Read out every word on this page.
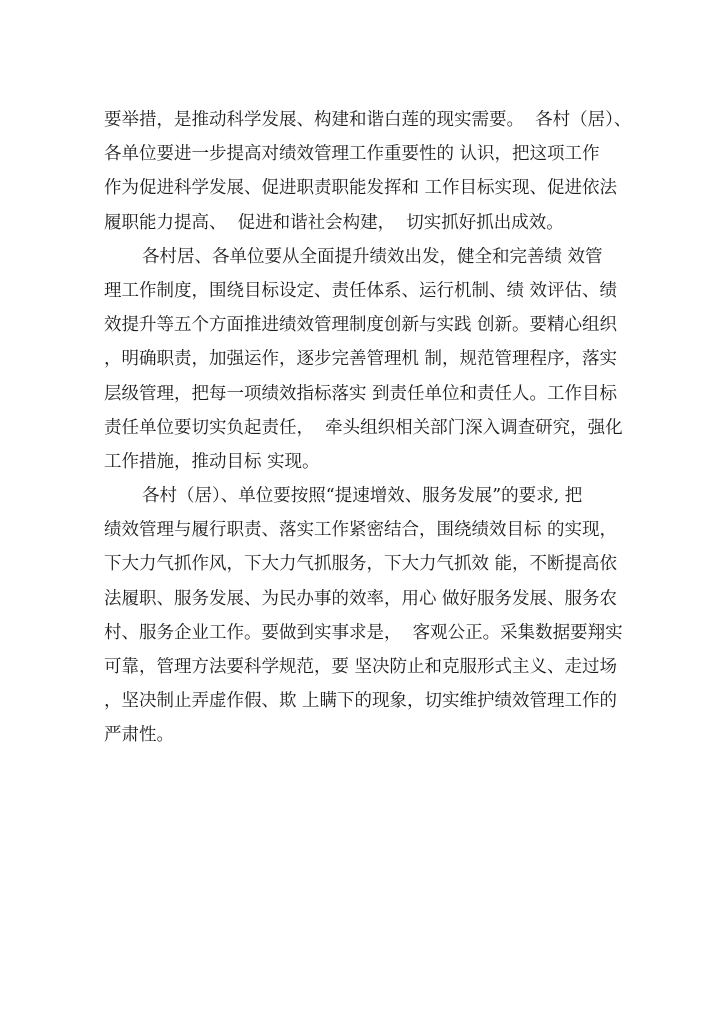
要举措，是推动科学发展、构建和谐白莲的现实需要。  各村（居）、
各单位要进一步提高对绩效管理工作重要性的 认识，把这项工作
作为促进科学发展、促进职责职能发挥和 工作目标实现、促进依法
履职能力提高、  促进和谐社会构建，  切实抓好抓出成效。
各村居、各单位要从全面提升绩效出发，健全和完善绩 效管
理工作制度，围绕目标设定、责任体系、运行机制、绩 效评估、绩
效提升等五个方面推进绩效管理制度创新与实践 创新。要精心组织
，明确职责，加强运作，逐步完善管理机 制，规范管理程序，落实
层级管理，把每一项绩效指标落实 到责任单位和责任人。工作目标
责任单位要切实负起责任，  牵头组织相关部门深入调查研究，强化
工作措施，推动目标 实现。
各村（居）、单位要按照“提速增效、服务发展”的要求, 把
绩效管理与履行职责、落实工作紧密结合，围绕绩效目标 的实现，
下大力气抓作风，下大力气抓服务，下大力气抓效 能，不断提高依
法履职、服务发展、为民办事的效率，用心 做好服务发展、服务农
村、服务企业工作。要做到实事求是，  客观公正。采集数据要翔实
可靠，管理方法要科学规范，要 坚决防止和克服形式主义、走过场
，坚决制止弄虚作假、欺 上瞒下的现象，切实维护绩效管理工作的
严肃性。
